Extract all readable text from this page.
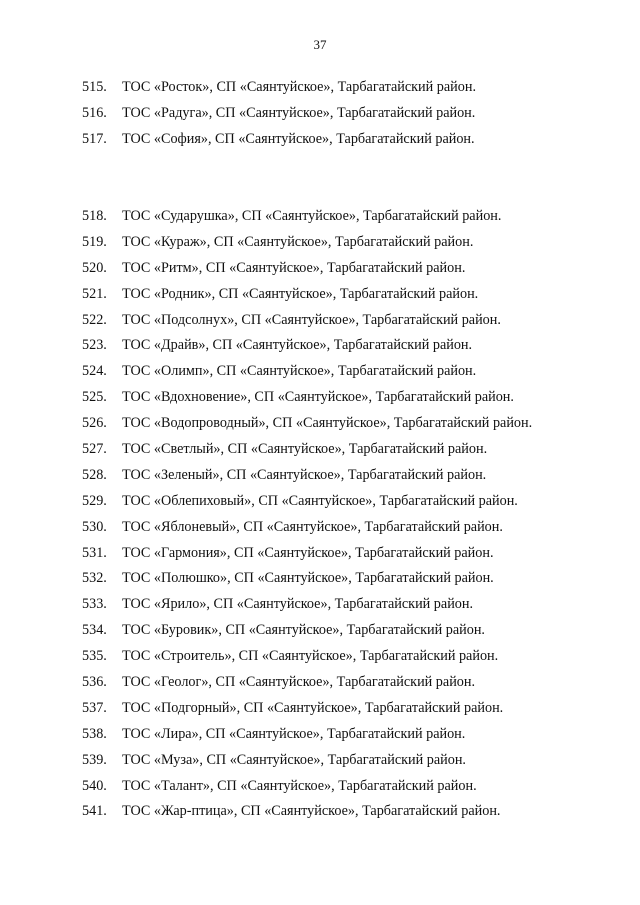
37
515.	ТОС «Росток», СП «Саянтуйское», Тарбагатайский район.
516.	ТОС «Радуга», СП «Саянтуйское», Тарбагатайский район.
517.	ТОС «София», СП «Саянтуйское», Тарбагатайский район.
518.	ТОС «Сударушка», СП «Саянтуйское», Тарбагатайский район.
519.	ТОС «Кураж», СП «Саянтуйское», Тарбагатайский район.
520.	ТОС «Ритм», СП «Саянтуйское», Тарбагатайский район.
521.	ТОС «Родник», СП «Саянтуйское», Тарбагатайский район.
522.	ТОС «Подсолнух», СП «Саянтуйское», Тарбагатайский район.
523.	ТОС «Драйв», СП «Саянтуйское», Тарбагатайский район.
524.	ТОС «Олимп», СП «Саянтуйское», Тарбагатайский район.
525.	ТОС «Вдохновение», СП «Саянтуйское», Тарбагатайский район.
526.	ТОС «Водопроводный», СП «Саянтуйское», Тарбагатайский район.
527.	ТОС «Светлый», СП «Саянтуйское», Тарбагатайский район.
528.	ТОС «Зеленый», СП «Саянтуйское», Тарбагатайский район.
529.	ТОС «Облепиховый», СП «Саянтуйское», Тарбагатайский район.
530.	ТОС «Яблоневый», СП «Саянтуйское», Тарбагатайский район.
531.	ТОС «Гармония», СП «Саянтуйское», Тарбагатайский район.
532.	ТОС «Полюшко», СП «Саянтуйское», Тарбагатайский район.
533.	ТОС «Ярило», СП «Саянтуйское», Тарбагатайский район.
534.	ТОС «Буровик», СП «Саянтуйское», Тарбагатайский район.
535.	ТОС «Строитель», СП «Саянтуйское», Тарбагатайский район.
536.	ТОС «Геолог», СП «Саянтуйское», Тарбагатайский район.
537.	ТОС «Подгорный», СП «Саянтуйское», Тарбагатайский район.
538.	ТОС «Лира», СП «Саянтуйское», Тарбагатайский район.
539.	ТОС «Муза», СП «Саянтуйское», Тарбагатайский район.
540.	ТОС «Талант», СП «Саянтуйское», Тарбагатайский район.
541.	ТОС «Жар-птица», СП «Саянтуйское», Тарбагатайский район.
